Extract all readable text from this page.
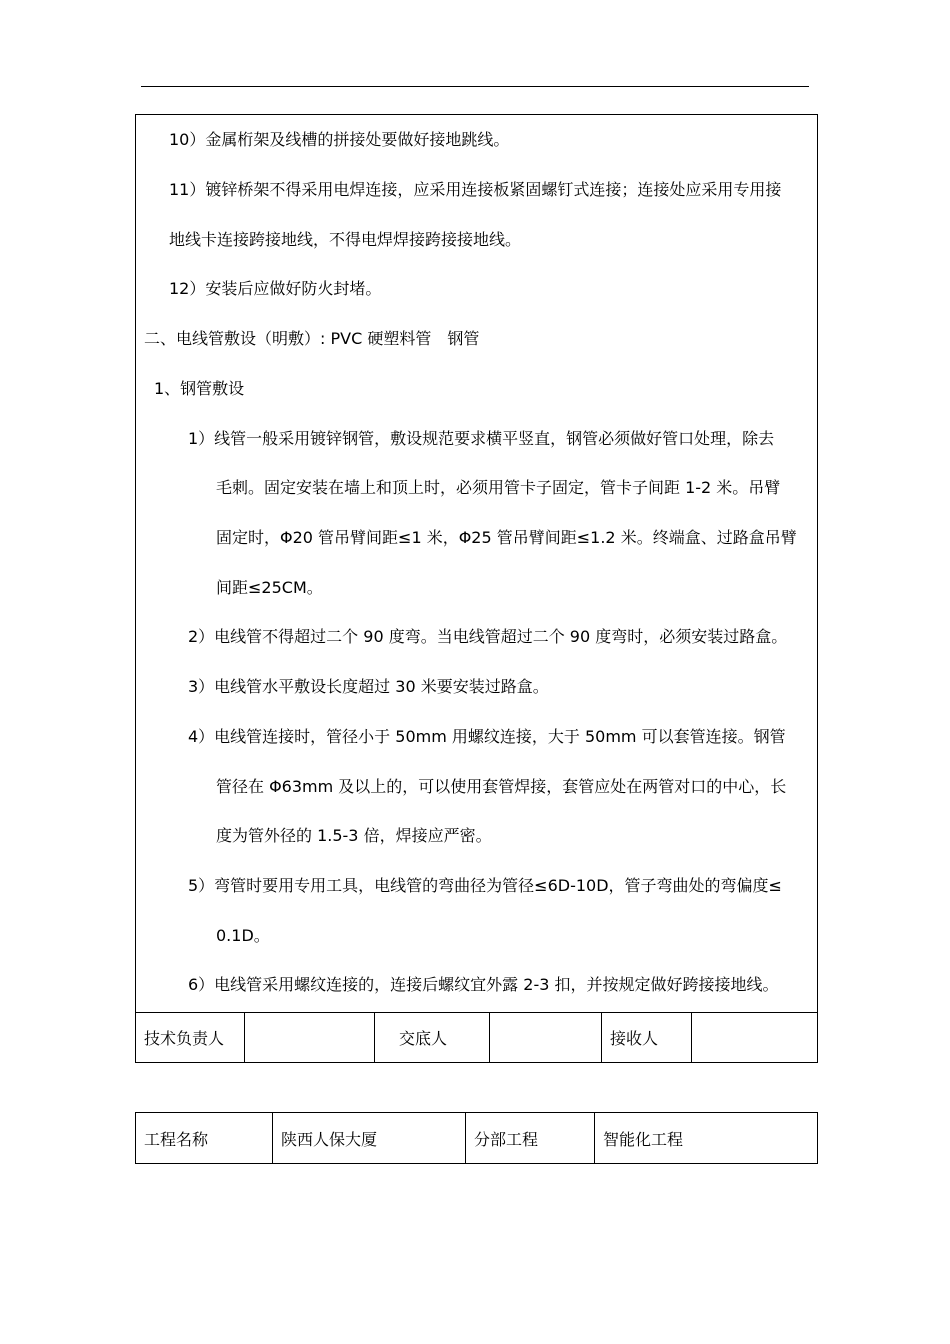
10）金属桁架及线槽的拼接处要做好接地跳线。
11）镀锌桥架不得采用电焊连接，应采用连接板紧固螺钉式连接；连接处应采用专用接
地线卡连接跨接地线，不得电焊焊接跨接接地线。
12）安装后应做好防火封堵。
二、电线管敷设（明敷）: PVC 硬塑料管　钢管
1、钢管敷设
1）线管一般采用镀锌钢管，敷设规范要求横平竖直，钢管必须做好管口处理，除去
毛刺。固定安装在墙上和顶上时，必须用管卡子固定，管卡子间距 1-2 米。吊臂
固定时，Φ20 管吊臂间距≤1 米，Φ25 管吊臂间距≤1.2 米。终端盒、过路盒吊臂
间距≤25CM。
2）电线管不得超过二个 90 度弯。当电线管超过二个 90 度弯时，必须安装过路盒。
3）电线管水平敷设长度超过 30 米要安装过路盒。
4）电线管连接时，管径小于 50mm 用螺纹连接，大于 50mm 可以套管连接。钢管
管径在 Φ63mm 及以上的，可以使用套管焊接，套管应处在两管对口的中心，长
度为管外径的 1.5-3 倍，焊接应严密。
5）弯管时要用专用工具，电线管的弯曲径为管径≤6D-10D，管子弯曲处的弯偏度≤
0.1D。
6）电线管采用螺纹连接的，连接后螺纹宜外露 2-3 扣，并按规定做好跨接接地线。
技术负责人		交底人		接收人	
工程名称	陕西人保大厦	分部工程	智能化工程
